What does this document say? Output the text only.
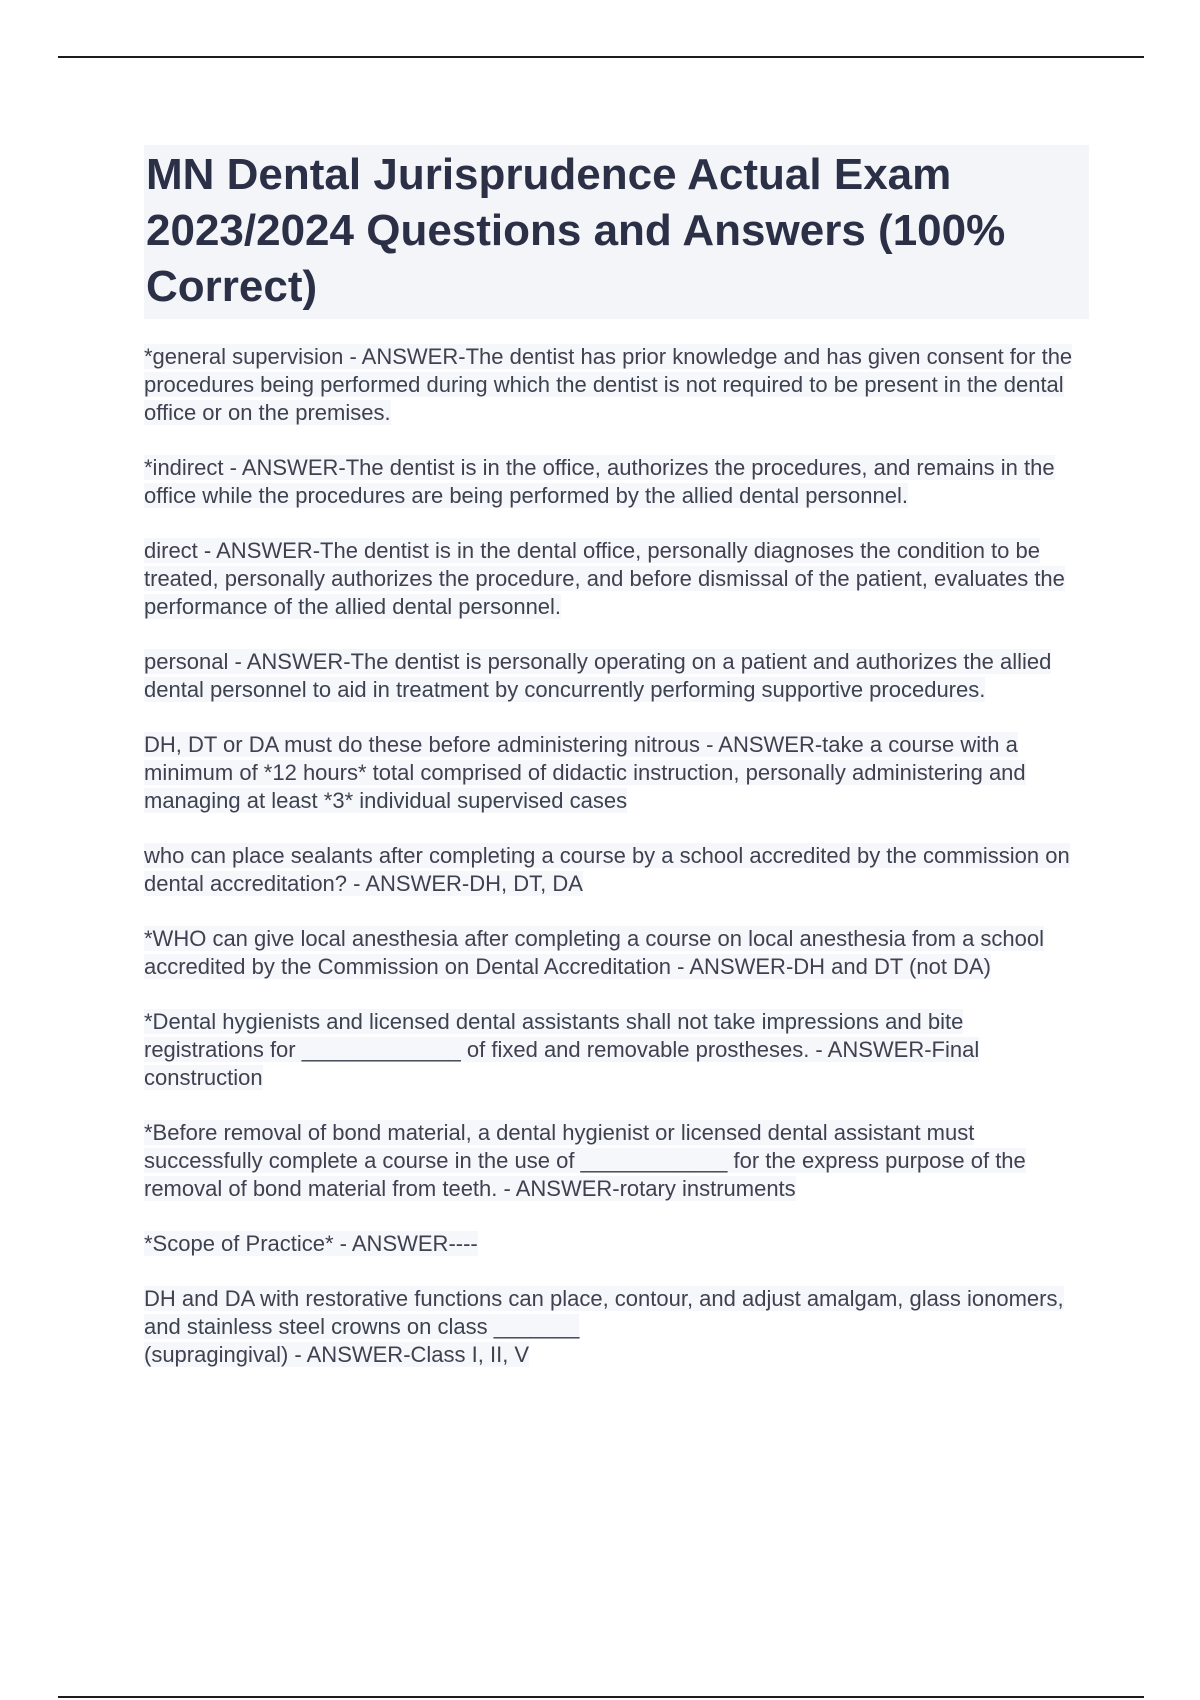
MN Dental Jurisprudence Actual Exam 2023/2024 Questions and Answers (100% Correct)
*general supervision - ANSWER-The dentist has prior knowledge and has given consent for the procedures being performed during which the dentist is not required to be present in the dental office or on the premises.
*indirect - ANSWER-The dentist is in the office, authorizes the procedures, and remains in the office while the procedures are being performed by the allied dental personnel.
direct - ANSWER-The dentist is in the dental office, personally diagnoses the condition to be treated, personally authorizes the procedure, and before dismissal of the patient, evaluates the performance of the allied dental personnel.
personal - ANSWER-The dentist is personally operating on a patient and authorizes the allied dental personnel to aid in treatment by concurrently performing supportive procedures.
DH, DT or DA must do these before administering nitrous - ANSWER-take a course with a minimum of *12 hours* total comprised of didactic instruction, personally administering and managing at least *3* individual supervised cases
who can place sealants after completing a course by a school accredited by the commission on dental accreditation? - ANSWER-DH, DT, DA
*WHO can give local anesthesia after completing a course on local anesthesia from a school accredited by the Commission on Dental Accreditation - ANSWER-DH and DT (not DA)
*Dental hygienists and licensed dental assistants shall not take impressions and bite registrations for _____________ of fixed and removable prostheses. - ANSWER-Final construction
*Before removal of bond material, a dental hygienist or licensed dental assistant must successfully complete a course in the use of ____________ for the express purpose of the removal of bond material from teeth. - ANSWER-rotary instruments
*Scope of Practice* - ANSWER----
DH and DA with restorative functions can place, contour, and adjust amalgam, glass ionomers, and stainless steel crowns on class _______
(supragingival) - ANSWER-Class I, II, V
